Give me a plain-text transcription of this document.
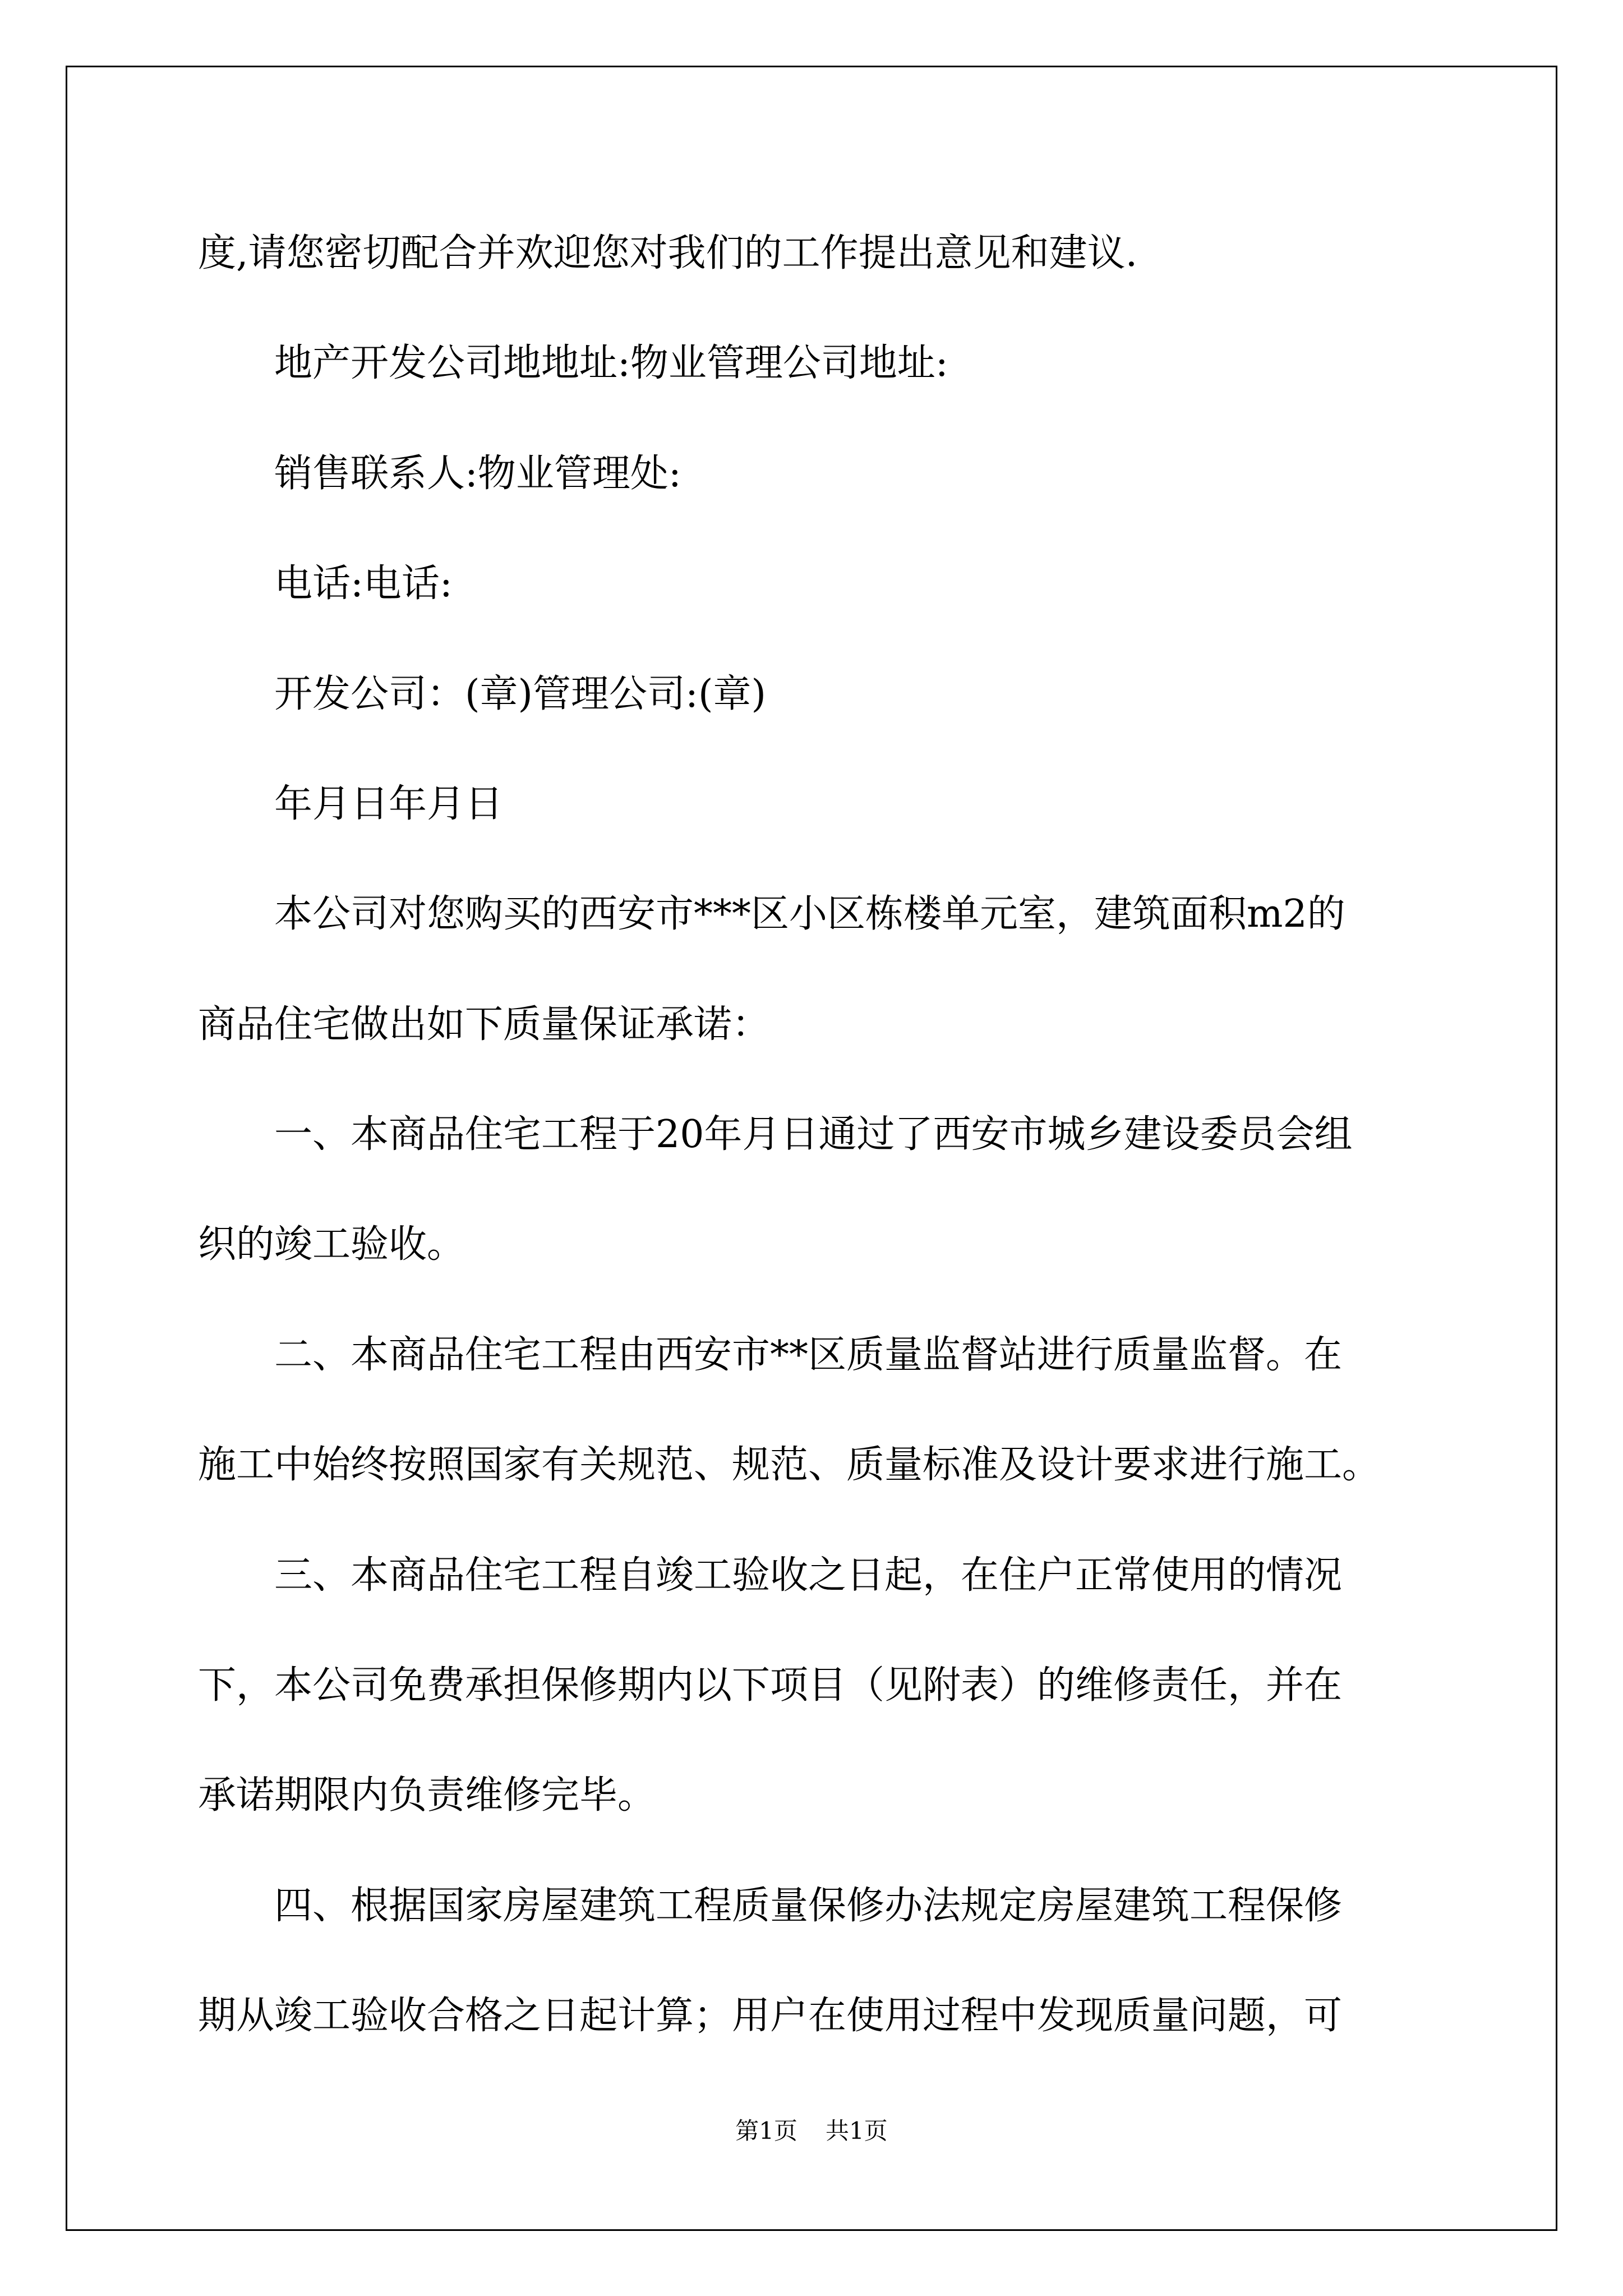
度,请您密切配合并欢迎您对我们的工作提出意见和建议.
　　地产开发公司地地址:物业管理公司地址:
　　销售联系人:物业管理处:
　　电话:电话:
　　开发公司：(章)管理公司:(章)
　　年月日年月日
　　本公司对您购买的西安市***区小区栋楼单元室，建筑面积m2的
商品住宅做出如下质量保证承诺：
　　一、本商品住宅工程于20年月日通过了西安市城乡建设委员会组
织的竣工验收。
　　二、本商品住宅工程由西安市**区质量监督站进行质量监督。在
施工中始终按照国家有关规范、规范、质量标准及设计要求进行施工。
　　三、本商品住宅工程自竣工验收之日起，在住户正常使用的情况
下，本公司免费承担保修期内以下项目（见附表）的维修责任，并在
承诺期限内负责维修完毕。
　　四、根据国家房屋建筑工程质量保修办法规定房屋建筑工程保修
期从竣工验收合格之日起计算；用户在使用过程中发现质量问题，可
第1页 共1页
